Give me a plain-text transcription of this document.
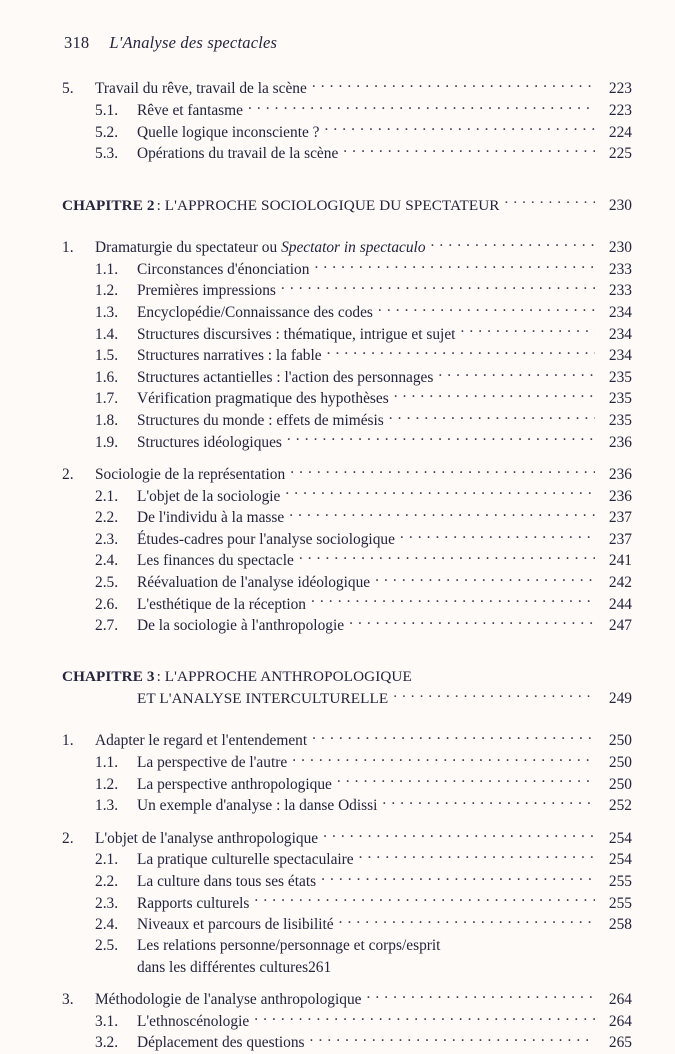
318 L'Analyse des spectacles
5.	Travail du rêve, travail de la scène . . .	223
5.1.	Rêve et fantasme . . .	223
5.2.	Quelle logique inconsciente ? . . .	224
5.3.	Opérations du travail de la scène . . .	225
CHAPITRE 2 : L'APPROCHE SOCIOLOGIQUE DU SPECTATEUR . . .	230
1.	Dramaturgie du spectateur ou Spectator in spectaculo . . .	230
1.1.	Circonstances d'énonciation . . .	233
1.2.	Premières impressions . . .	233
1.3.	Encyclopédie/Connaissance des codes . . .	234
1.4.	Structures discursives : thématique, intrigue et sujet . . .	234
1.5.	Structures narratives : la fable . . .	234
1.6.	Structures actantielles : l'action des personnages . . .	235
1.7.	Vérification pragmatique des hypothèses . . .	235
1.8.	Structures du monde : effets de mimésis . . .	235
1.9.	Structures idéologiques . . .	236
2.	Sociologie de la représentation . . .	236
2.1.	L'objet de la sociologie . . .	236
2.2.	De l'individu à la masse . . .	237
2.3.	Études-cadres pour l'analyse sociologique . . .	237
2.4.	Les finances du spectacle . . .	241
2.5.	Réévaluation de l'analyse idéologique . . .	242
2.6.	L'esthétique de la réception . . .	244
2.7.	De la sociologie à l'anthropologie . . .	247
CHAPITRE 3 : L'APPROCHE ANTHROPOLOGIQUE
ET L'ANALYSE INTERCULTURELLE . . .	249
1.	Adapter le regard et l'entendement . . .	250
1.1.	La perspective de l'autre . . .	250
1.2.	La perspective anthropologique . . .	250
1.3.	Un exemple d'analyse : la danse Odissi . . .	252
2.	L'objet de l'analyse anthropologique . . .	254
2.1.	La pratique culturelle spectaculaire . . .	254
2.2.	La culture dans tous ses états . . .	255
2.3.	Rapports culturels . . .	255
2.4.	Niveaux et parcours de lisibilité . . .	258
2.5.	Les relations personne/personnage et corps/esprit
dans les différentes cultures 261
3.	Méthodologie de l'analyse anthropologique . . .	264
3.1.	L'ethnoscénologie . . .	264
3.2.	Déplacement des questions . . .	265
